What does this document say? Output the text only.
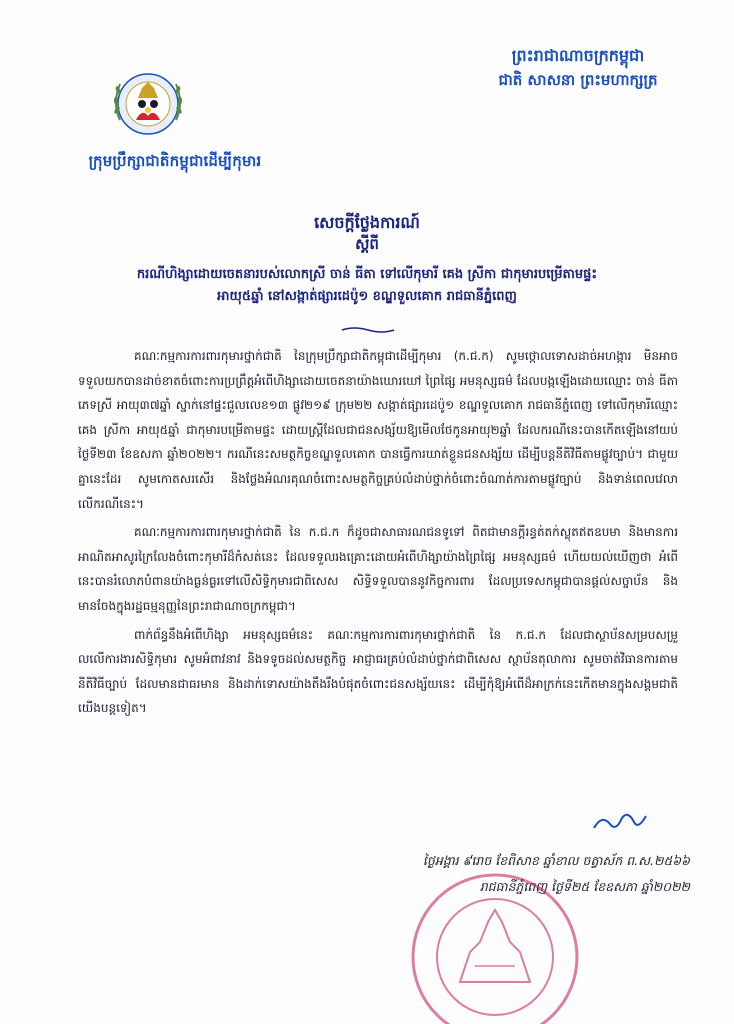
ក្រុមប្រឹក្សាជាតិកម្ពុជាដើម្បីកុមារ
ព្រះរាជាណាចក្រកម្ពុជា
ជាតិ សាសនា ព្រះមហាក្សត្រ
សេចក្តីថ្លែងការណ៍
ស្តីពី
ករណីហិង្សាដោយចេតនារបស់លោកស្រី ចាន់ ធីតា ទៅលើកុមារី គេង ស្រីកា ជាកុមារបម្រើតាមផ្ទះ
អាយុ៥ឆ្នាំ នៅសង្កាត់ផ្សារដេប៉ូ១ ខណ្ឌទួលគោក រាជធានីភ្នំពេញ

គណៈកម្មការការពារកុមារថ្នាក់ជាតិ នៃក្រុមប្រឹក្សាជាតិកម្ពុជាដើម្បីកុមារ (ក.ជ.ក) សូមថ្កោលទោសដាច់អហង្ការ មិនអាចទទួលយកបានដាច់ខាតចំពោះការប្រព្រឹត្តអំពើហិង្សាដោយចេតនាយ៉ាងឃោរឃៅ ព្រៃផ្សៃ អមនុស្សធម៌ ដែលបង្កឡើងដោយឈ្មោះ ចាន់ ធីតា ភេទស្រី អាយុ៣៧ឆ្នាំ ស្នាក់នៅផ្ទះជួលលេខ១៣ ផ្លូវ២១៩ ក្រុម២២ សង្កាត់ផ្សារដេប៉ូ១ ខណ្ឌទួលគោក រាជធានីភ្នំពេញ ទៅលើកុមារីឈ្មោះ គេង ស្រីកា អាយុ៥ឆ្នាំ ជាកុមារបម្រើតាមផ្ទះ ដោយស្ត្រីដែលជាជនសង្ស័យឱ្យមើលថែកូនអាយុ២ឆ្នាំ ដែលករណីនេះបានកើតឡើងនៅយប់ថ្ងៃទី២៣ ខែឧសភា ឆ្នាំ២០២២។ ករណីនេះសមត្ថកិច្ចខណ្ឌទួលគោក បានធ្វើការឃាត់ខ្លួនជនសង្ស័យ ដើម្បីបន្តនីតិវិធីតាមផ្លូវច្បាប់។ ជាមួយគ្នានេះដែរ សូមកោតសរសើរ និងថ្លែងអំណរគុណចំពោះសមត្ថកិច្ចគ្រប់លំដាប់ថ្នាក់ចំពោះចំណាត់ការតាមផ្លូវច្បាប់ និងទាន់ពេលវេលាលើករណីនេះ។

គណៈកម្មការការពារកុមារថ្នាក់ជាតិ នៃ ក.ជ.ក ក៏ដូចជាសាធារណជនទូទៅ ពិតជាមានក្តីរន្ធត់តក់ស្លុតឥតឧបមា និងមានការអាណិតអាសូរក្រៃលែងចំពោះកុមារីដ៏កំសត់នេះ ដែលទទួលរងគ្រោះដោយអំពើហិង្សាយ៉ាងព្រៃផ្សៃ អមនុស្សធម៌ ហើយយល់ឃើញថា អំពើនេះបានរំលោភបំពានយ៉ាងធ្ងន់ធ្ងរទៅលើសិទ្ធិកុមារជាពិសេស សិទ្ធិទទួលបាននូវកិច្ចការពារ ដែលប្រទេសកម្ពុជាបានផ្តល់សច្ចាប័ន និងមានចែងក្នុងរដ្ឋធម្មនុញ្ញនៃព្រះរាជាណាចក្រកម្ពុជា។

ពាក់ព័ន្ធនឹងអំពើហិង្សា អមនុស្សធម៌នេះ គណៈកម្មការការពារកុមារថ្នាក់ជាតិ នៃ ក.ជ.ក ដែលជាស្ថាប័នសម្របសម្រួលលើការងារសិទ្ធិកុមារ សូមអំពាវនាវ និងទទូចដល់សមត្ថកិច្ច អាជ្ញាធរគ្រប់លំដាប់ថ្នាក់ជាពិសេស ស្ថាប័នតុលាការ សូមចាត់វិធានការតាមនីតិវិធីច្បាប់ ដែលមានជាធរមាន និងដាក់ទោសយ៉ាងតឹងរឹងបំផុតចំពោះជនសង្ស័យនេះ ដើម្បីកុំឱ្យអំពើដ៏អាក្រក់នេះកើតមានក្នុងសង្គមជាតិយើងបន្តទៀត។

ថ្ងៃអង្គារ ៩រោច ខែពិសាខ ឆ្នាំខាល ចត្វាស័ក ព.ស.២៥៦៦
រាជធានីភ្នំពេញ ថ្ងៃទី២៥ ខែឧសភា ឆ្នាំ២០២២
